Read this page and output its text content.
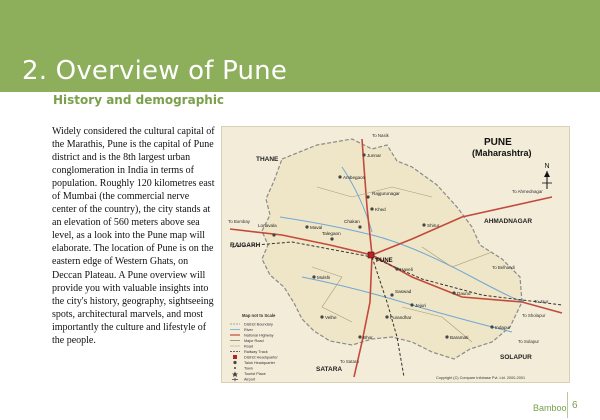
2. Overview of Pune
History and demographic

Widely considered the cultural capital of the Marathis, Pune is the capital of Pune district and is the 8th largest urban conglomeration in India in terms of population. Roughly 120 kilometres east of Mumbai (the commercial nerve center of the country), the city stands at an elevation of 560 meters above sea level, as a look into the Pune map will elaborate. The location of Pune is on the eastern edge of Western Ghats, on Deccan Plateau. A Pune overview will provide you with valuable insights into the city's history, geography, sightseeing spots, architectural marvels, and most importantly the culture and lifestyle of the people.

PUNE
(Maharashtra)
N
THANE
AHMADNAGAR
RAIGARH
SATARA
SOLAPUR
PUNE
Junnar
Ambegaon
Khed
Shirur
Daund
Indapur
Baramati
Purandhar
Bhor
Velhe
Mulshi
Maval
Haveli
Lonavala
Talegaon
Chakan
Rajgurunagar
Saswad
Jejuri
To Bombay
To Ahmednagar
To Sholapur
To Satara
To Nasik
To Jaur
To Solapur
To Belhandi
Map not to Scale
District Boundary
River
National Highway
Major Road
Road
Railway Track
District Headquarter
Taluk Headquarter
Town
Tourist Place
Airport	Copyright (C) Compare Infobase Pvt. Ltd. 2000-2001
Bamboo 6
